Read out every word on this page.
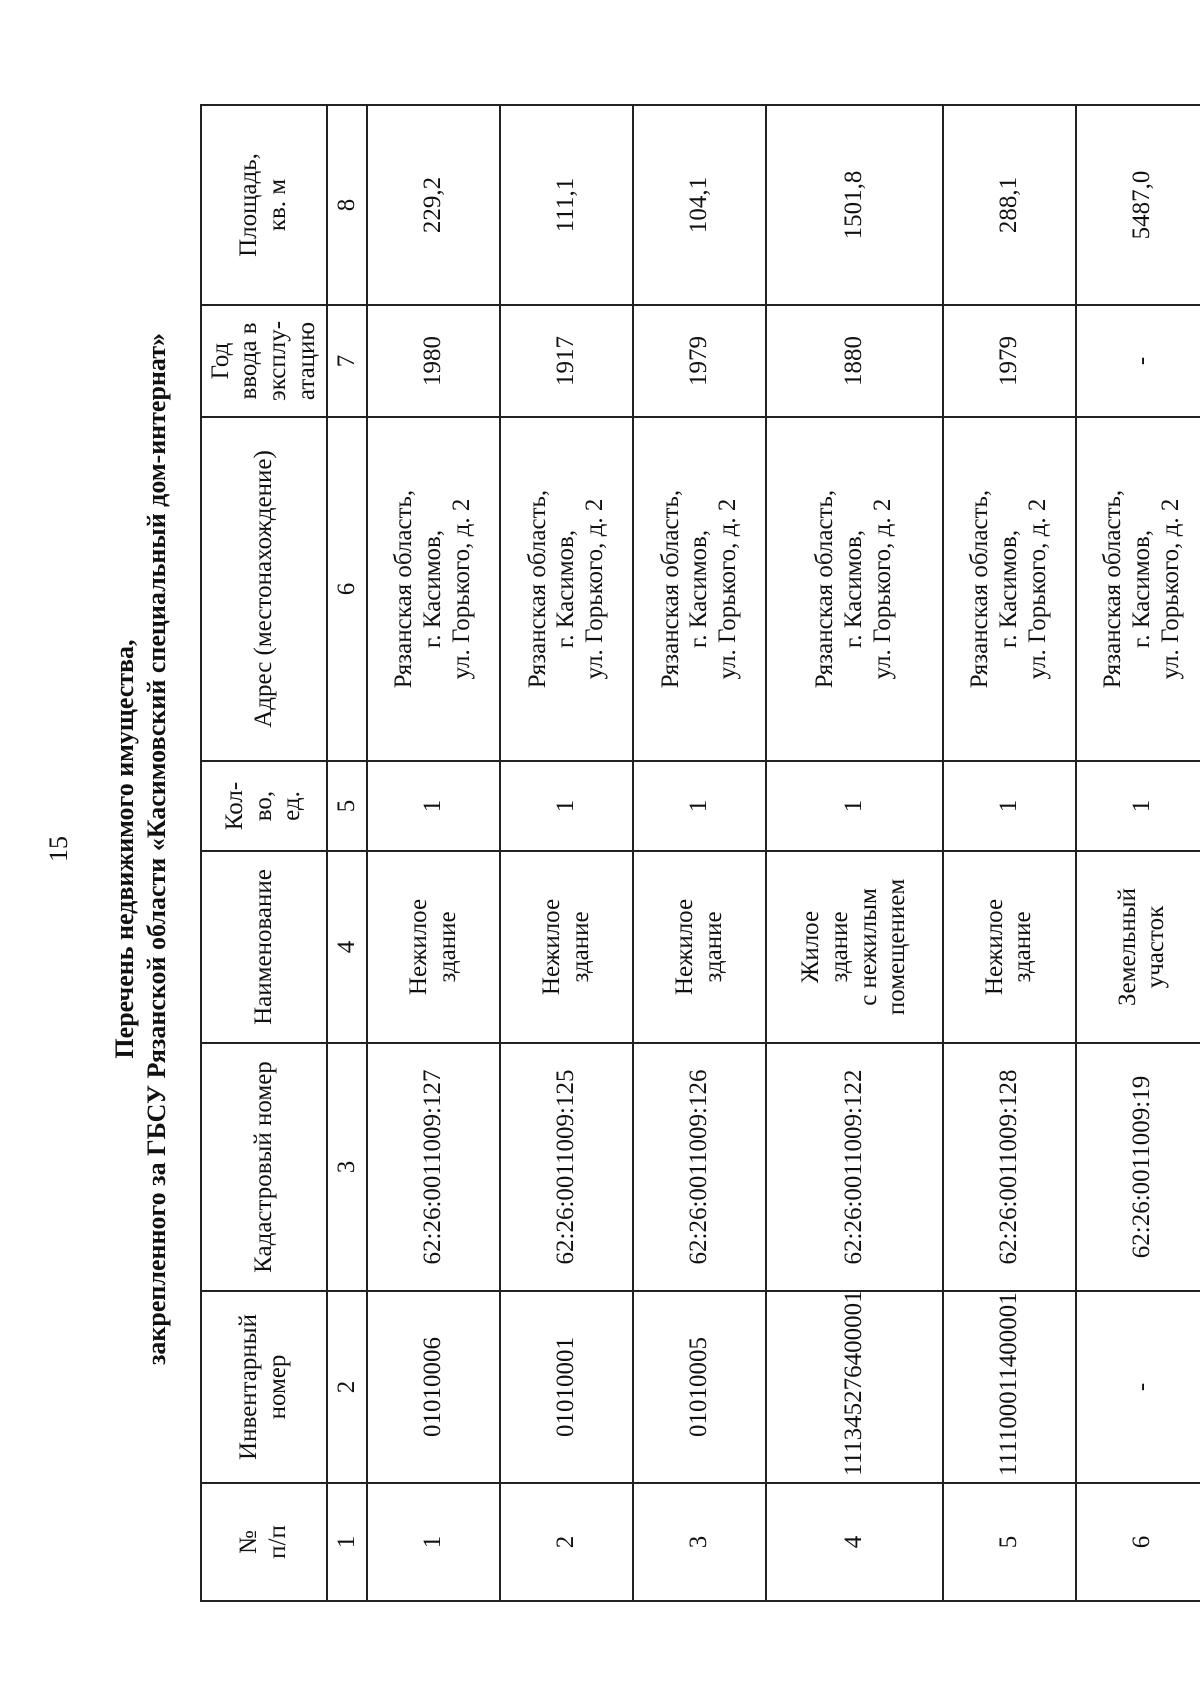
15 Перечень недвижимого имущества, закрепленного за ГБСУ Рязанской области «Касимовский специальный дом-интернат»
№
п/п	Инвентарный
номер	Кадастровый номер	Наименование	Кол-
во,
ед.	Адрес (местонахождение)	Год
ввода в
эксплу-
атацию	Площадь,
кв. м
1	2	3	4	5	6	7	8
1	01010006	62:26:0011009:127	Нежилое
здание	1	Рязанская область,
г. Касимов,
ул. Горького, д. 2	1980	229,2
2	01010001	62:26:0011009:125	Нежилое
здание	1	Рязанская область,
г. Касимов,
ул. Горького, д. 2	1917	111,1
3	01010005	62:26:0011009:126	Нежилое
здание	1	Рязанская область,
г. Касимов,
ул. Горького, д. 2	1979	104,1
4	111345276400001	62:26:0011009:122	Жилое
здание
с нежилым
помещением	1	Рязанская область,
г. Касимов,
ул. Горького, д. 2	1880	1501,8
5	111100011400001	62:26:0011009:128	Нежилое
здание	1	Рязанская область,
г. Касимов,
ул. Горького, д. 2	1979	288,1
6	-	62:26:0011009:19	Земельный
участок	1	Рязанская область,
г. Касимов,
ул. Горького, д. 2	-	5487,0
